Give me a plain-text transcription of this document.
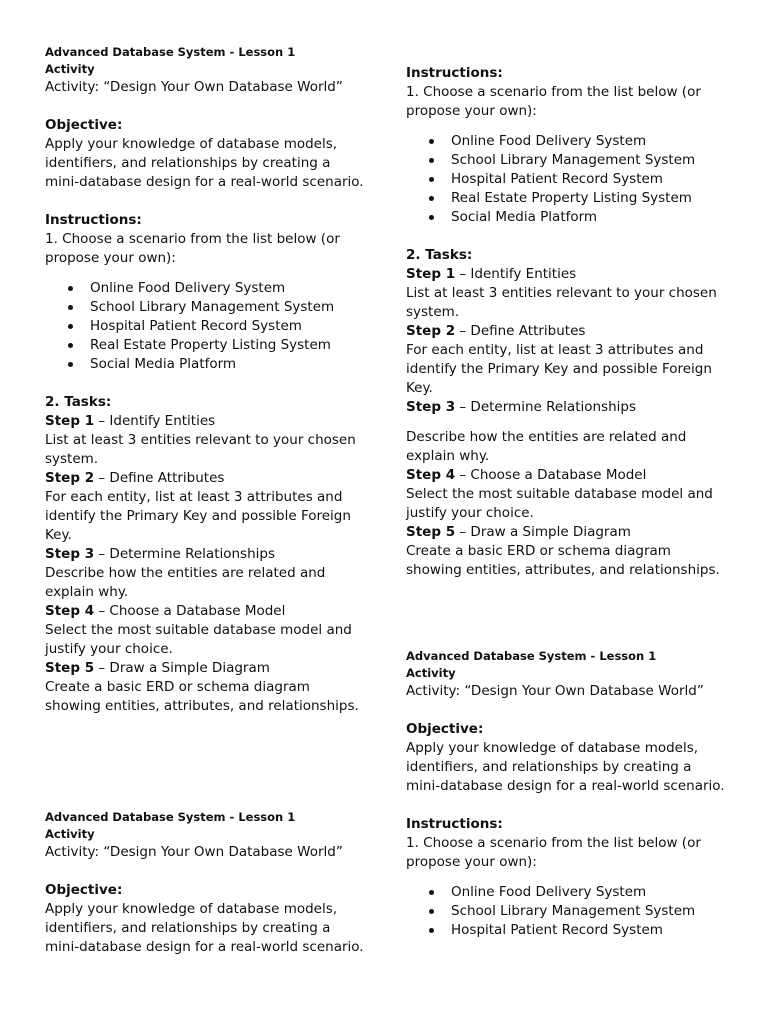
Advanced Database System - Lesson 1
Activity

Activity: “Design Your Own Database World”

Objective:

Apply your knowledge of database models, identifiers, and relationships by creating a mini-database design for a real-world scenario.

Instructions:

1. Choose a scenario from the list below (or propose your own):

Online Food Delivery System
School Library Management System
Hospital Patient Record System
Real Estate Property Listing System
Social Media Platform

2. Tasks:

Step 1 – Identify Entities

List at least 3 entities relevant to your chosen system.

Step 2 – Define Attributes

For each entity, list at least 3 attributes and identify the Primary Key and possible Foreign Key.

Step 3 – Determine Relationships

Describe how the entities are related and explain why.

Step 4 – Choose a Database Model

Select the most suitable database model and justify your choice.

Step 5 – Draw a Simple Diagram

Create a basic ERD or schema diagram showing entities, attributes, and relationships.

Advanced Database System - Lesson 1
Activity

Activity: “Design Your Own Database World”

Objective:

Apply your knowledge of database models, identifiers, and relationships by creating a mini-database design for a real-world scenario.

Instructions:

1. Choose a scenario from the list below (or propose your own):

Online Food Delivery System
School Library Management System
Hospital Patient Record System
Real Estate Property Listing System
Social Media Platform

2. Tasks:

Step 1 – Identify Entities

List at least 3 entities relevant to your chosen system.

Step 2 – Define Attributes

For each entity, list at least 3 attributes and identify the Primary Key and possible Foreign Key.

Step 3 – Determine Relationships

Describe how the entities are related and explain why.

Step 4 – Choose a Database Model

Select the most suitable database model and justify your choice.

Step 5 – Draw a Simple Diagram

Create a basic ERD or schema diagram showing entities, attributes, and relationships.

Advanced Database System - Lesson 1
Activity

Activity: “Design Your Own Database World”

Objective:

Apply your knowledge of database models, identifiers, and relationships by creating a mini-database design for a real-world scenario.

Instructions:

1. Choose a scenario from the list below (or propose your own):

Online Food Delivery System
School Library Management System
Hospital Patient Record System
